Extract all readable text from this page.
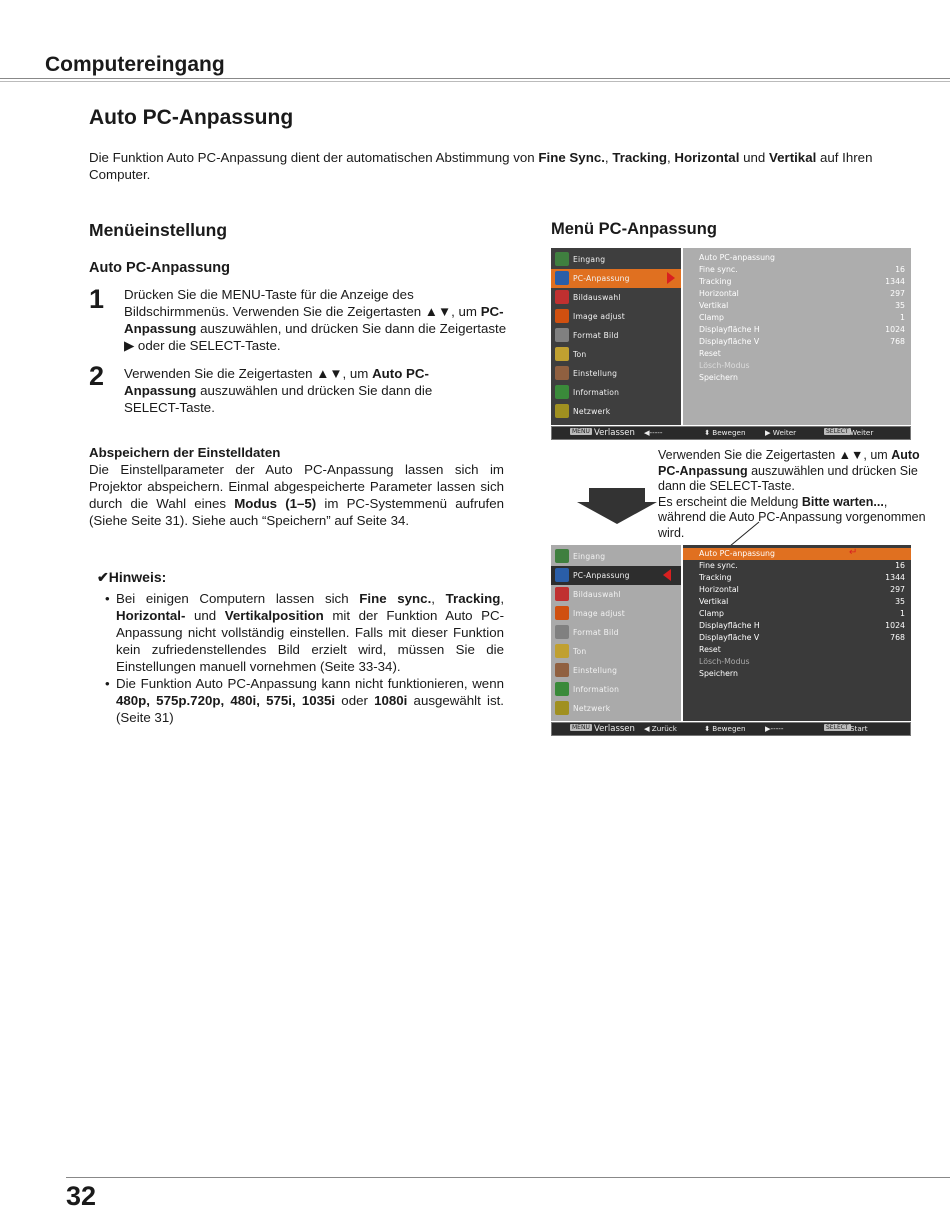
Computereingang
Auto PC-Anpassung
Die Funktion Auto PC-Anpassung dient der automatischen Abstimmung von Fine Sync., Tracking, Horizontal und Vertikal auf Ihren Computer.
Menüeinstellung
Auto PC-Anpassung
1 Drücken Sie die MENU-Taste für die Anzeige des Bildschirmmenüs. Verwenden Sie die Zeigertasten ▲▼, um PC-Anpassung auszuwählen, und drücken Sie dann die Zeigertaste ▶ oder die SELECT-Taste.
2 Verwenden Sie die Zeigertasten ▲▼, um Auto PC-Anpassung auszuwählen und drücken Sie dann die SELECT-Taste.
Abspeichern der Einstelldaten
Die Einstellparameter der Auto PC-Anpassung lassen sich im Projektor abspeichern. Einmal abgespeicherte Parameter lassen sich durch die Wahl eines Modus (1–5) im PC-Systemmenü aufrufen (Siehe Seite 31). Siehe auch “Speichern” auf Seite 34.
✔Hinweis:
• Bei einigen Computern lassen sich Fine sync., Tracking, Horizontal- und Vertikalposition mit der Funktion Auto PC-Anpassung nicht vollständig einstellen. Falls mit dieser Funktion kein zufriedenstellendes Bild erzielt wird, müssen Sie die Einstellungen manuell vornehmen (Seite 33-34).
• Die Funktion Auto PC-Anpassung kann nicht funktionieren, wenn 480p, 575p.720p, 480i, 575i, 1035i oder 1080i ausgewählt ist. (Seite 31)
Menü PC-Anpassung
Eingang
PC-Anpassung
Bildauswahl
Image adjust
Format Bild
Ton
Einstellung
Information
Netzwerk
Auto PC-anpassung
Fine sync.	16
Tracking	1344
Horizontal	297
Vertikal	35
Clamp	1
Displayfläche H	1024
Displayfläche V	768
Reset
Lösch-Modus
Speichern
MENU Verlassen ◀-----	⬍ Bewegen	▶ Weiter	SELECT Weiter
Verwenden Sie die Zeigertasten ▲▼, um Auto PC-Anpassung auszuwählen und drücken Sie dann die SELECT-Taste.
Es erscheint die Meldung Bitte warten..., während die Auto PC-Anpassung vorgenommen wird.
Eingang
PC-Anpassung
Bildauswahl
Image adjust
Format Bild
Ton
Einstellung
Information
Netzwerk
Auto PC-anpassung	↵
Fine sync.	16
Tracking	1344
Horizontal	297
Vertikal	35
Clamp	1
Displayfläche H	1024
Displayfläche V	768
Reset
Lösch-Modus
Speichern
MENU Verlassen ◀ Zurück	⬍ Bewegen	▶-----	SELECT Start
32
